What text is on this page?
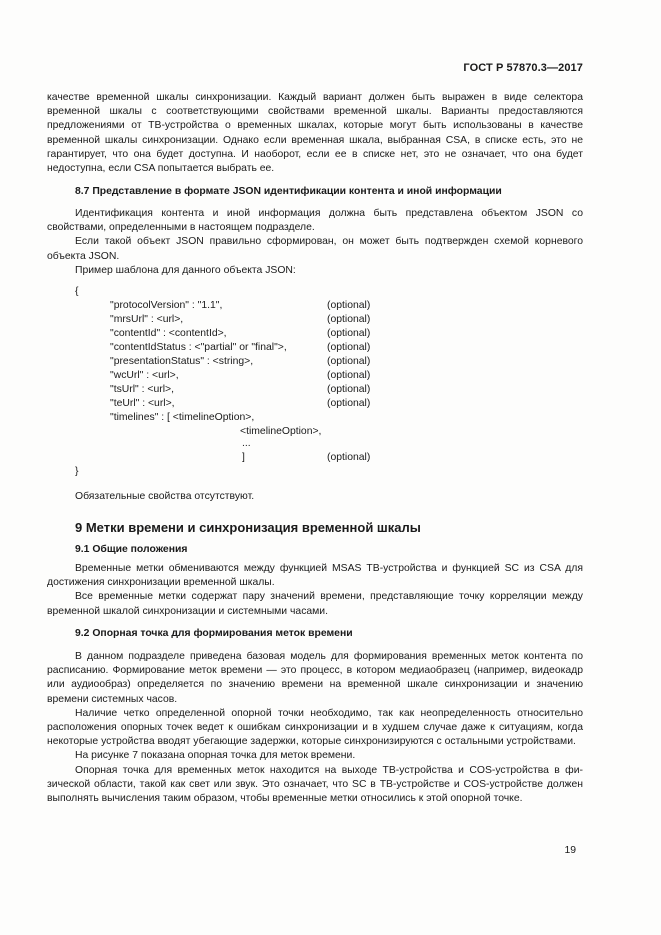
ГОСТ Р 57870.3—2017

качестве временной шкалы синхронизации. Каждый вариант должен быть выражен в виде селектора временной шкалы с соответствующими свойствами временной шкалы. Варианты предоставляются предложениями от ТВ-устройства о временных шкалах, которые могут быть использованы в качестве временной шкалы синхронизации. Однако если временная шкала, выбранная CSA, в списке есть, это не гарантирует, что она будет доступна. И наоборот, если ее в списке нет, это не означает, что она будет недоступна, если CSA попытается выбрать ее.

8.7 Представление в формате JSON идентификации контента и иной информации

Идентификация контента и иной информация должна быть представлена объектом JSON со свойствами, определенными в настоящем подразделе.

Если такой объект JSON правильно сформирован, он может быть подтвержден схемой корневого объекта JSON.

Пример шаблона для данного объекта JSON:

{
"protocolVersion" : "1.1",	(optional)
"mrsUrl" : <url>,	(optional)
"contentId" : <contentId>,	(optional)
"contentIdStatus : <"partial" or "final">,	(optional)
"presentationStatus" : <string>,	(optional)
"wcUrl" : <url>,	(optional)
"tsUrl" : <url>,	(optional)
"teUrl" : <url>,	(optional)
"timelines" : [ <timelineOption>,
<timelineOption>,
...
]	(optional)
}

Обязательные свойства отсутствуют.

9 Метки времени и синхронизация временной шкалы
9.1 Общие положения

Временные метки обмениваются между функцией MSAS ТВ-устройства и функцией SC из CSA для достижения синхронизации временной шкалы.

Все временные метки содержат пару значений времени, представляющие точку корреляции между временной шкалой синхронизации и системными часами.

9.2 Опорная точка для формирования меток времени

В данном подразделе приведена базовая модель для формирования временных меток контента по расписанию. Формирование меток времени — это процесс, в котором медиаобразец (например, видеокадр или аудиообраз) определяется по значению времени на временной шкале синхронизации и значению времени системных часов.

Наличие четко определенной опорной точки необходимо, так как неопределенность относительно расположения опорных точек ведет к ошибкам синхронизации и в худшем случае даже к ситуациям, когда некоторые устройства вводят убегающие задержки, которые синхронизируются с остальными устройствами.

На рисунке 7 показана опорная точка для меток времени.

Опорная точка для временных меток находится на выходе ТВ-устройства и COS-устройства в физической области, такой как свет или звук. Это означает, что SC в ТВ-устройстве и COS-устройстве должен выполнять вычисления таким образом, чтобы временные метки относились к этой опорной точке.

19
